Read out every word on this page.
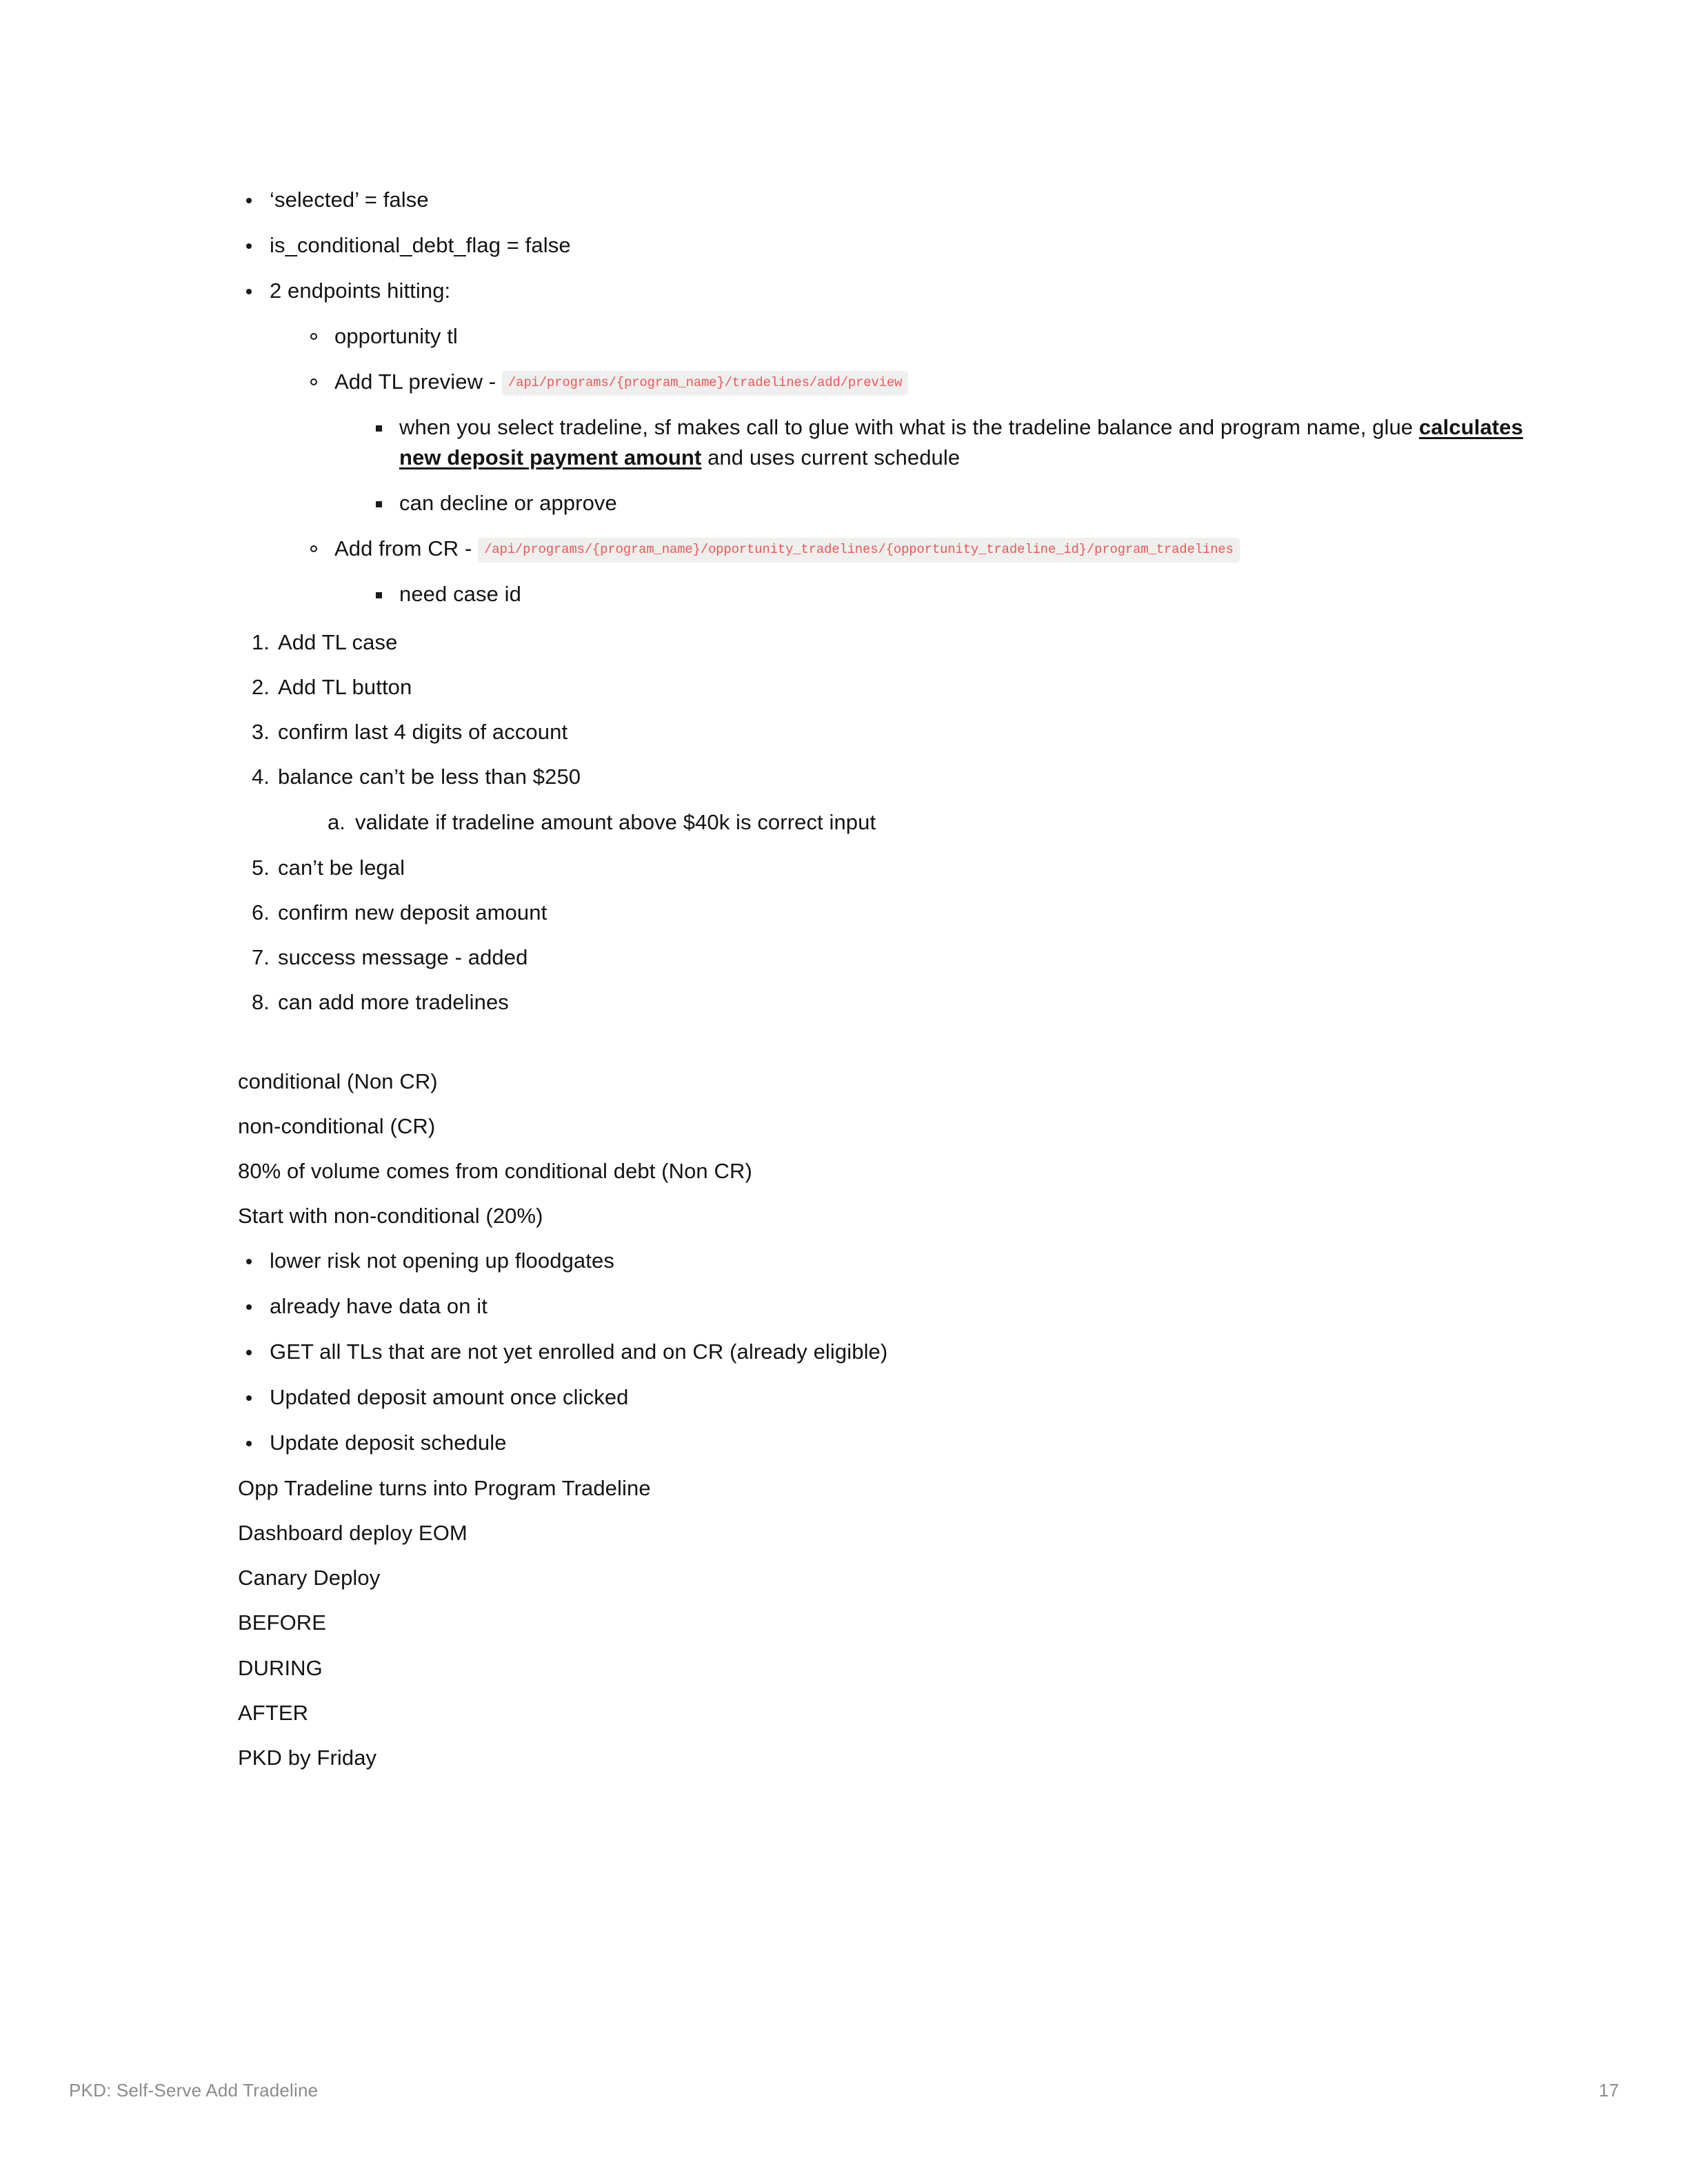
‘selected’ = false
is_conditional_debt_flag = false
2 endpoints hitting:
opportunity tl
Add TL preview - /api/programs/{program_name}/tradelines/add/preview
when you select tradeline, sf makes call to glue with what is the tradeline balance and program name, glue calculates new deposit payment amount and uses current schedule
can decline or approve
Add from CR - /api/programs/{program_name}/opportunity_tradelines/{opportunity_tradeline_id}/program_tradelines
need case id
1. Add TL case
2. Add TL button
3. confirm last 4 digits of account
4. balance can’t be less than $250
a. validate if tradeline amount above $40k is correct input
5. can’t be legal
6. confirm new deposit amount
7. success message - added
8. can add more tradelines

conditional (Non CR)

non-conditional (CR)

80% of volume comes from conditional debt (Non CR)

Start with non-conditional (20%)

lower risk not opening up floodgates
already have data on it
GET all TLs that are not yet enrolled and on CR (already eligible)
Updated deposit amount once clicked
Update deposit schedule

Opp Tradeline turns into Program Tradeline

Dashboard deploy EOM

Canary Deploy

BEFORE

DURING

AFTER

PKD by Friday

PKD: Self-Serve Add Tradeline	17
